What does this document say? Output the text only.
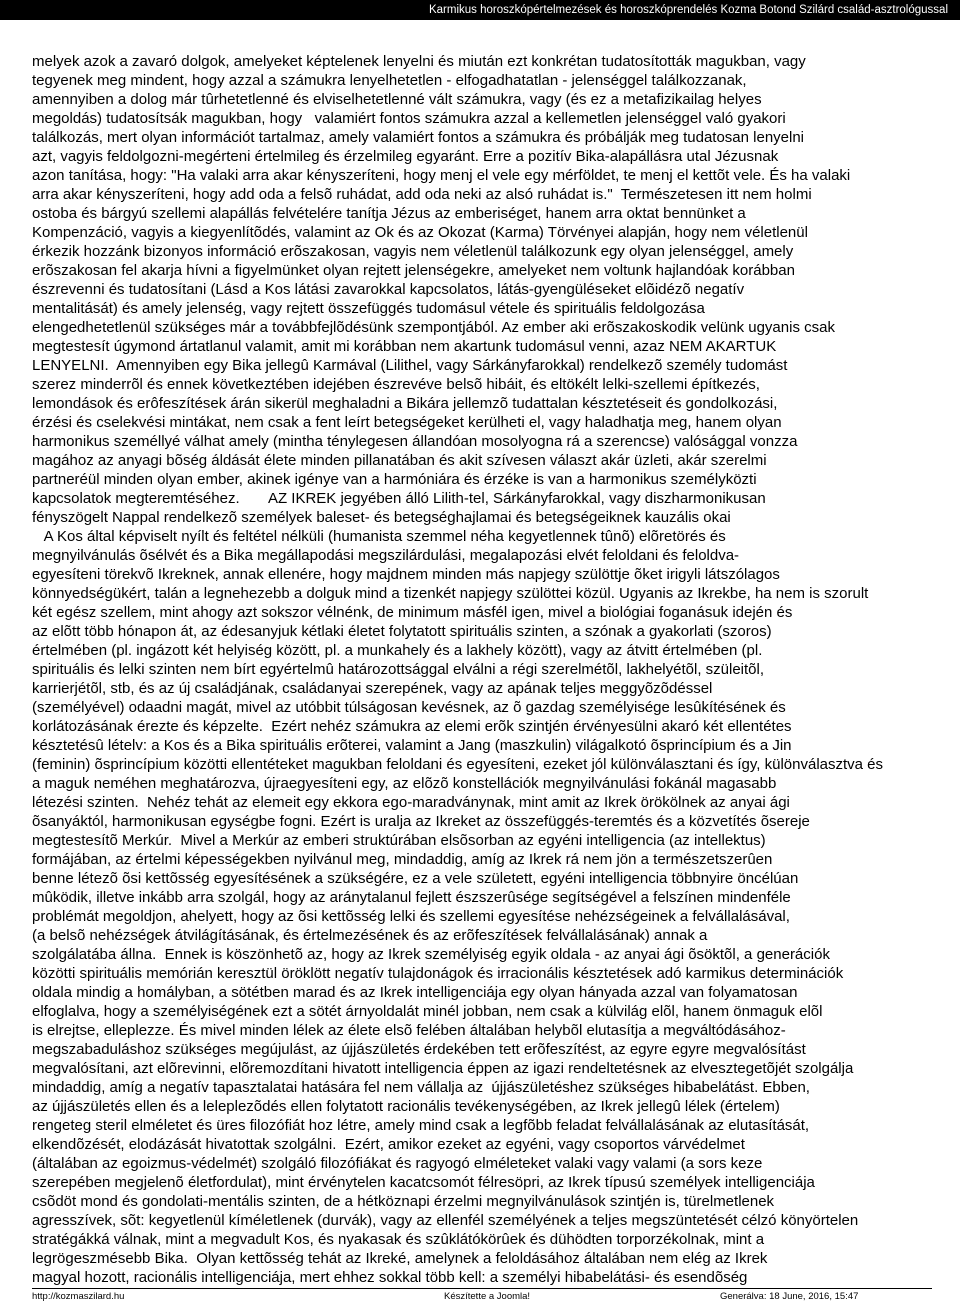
Karmikus horoszkópértelmezések és horoszkóprendelés Kozma Botond Szilárd család-asztrológussal
melyek azok a zavaró dolgok, amelyeket képtelenek lenyelni és miután ezt konkrétan tudatosították magukban, vagy
tegyenek meg mindent, hogy azzal a számukra lenyelhetetlen - elfogadhatatlan - jelenséggel találkozzanak,
amennyiben a dolog már tûrhetetlenné és elviselhetetlenné vált számukra, vagy (és ez a metafizikailag helyes
megoldás) tudatosítsák magukban, hogy   valamiért fontos számukra azzal a kellemetlen jelenséggel való gyakori
találkozás, mert olyan információt tartalmaz, amely valamiért fontos a számukra és próbálják meg tudatosan lenyelni
azt, vagyis feldolgozni-megérteni értelmileg és érzelmileg egyaránt. Erre a pozitív Bika-alapállásra utal Jézusnak
azon tanítása, hogy: "Ha valaki arra akar kényszeríteni, hogy menj el vele egy mérföldet, te menj el kettõt vele. És ha valaki
arra akar kényszeríteni, hogy add oda a felsõ ruhádat, add oda neki az alsó ruhádat is."  Természetesen itt nem holmi
ostoba és bárgyú szellemi alapállás felvételére tanítja Jézus az emberiséget, hanem arra oktat bennünket a
Kompenzáció, vagyis a kiegyenlítõdés, valamint az Ok és az Okozat (Karma) Törvényei alapján, hogy nem véletlenül
érkezik hozzánk bizonyos információ erõszakosan, vagyis nem véletlenül találkozunk egy olyan jelenséggel, amely
erõszakosan fel akarja hívni a figyelmünket olyan rejtett jelenségekre, amelyeket nem voltunk hajlandóak korábban
észrevenni és tudatosítani (Lásd a Kos látási zavarokkal kapcsolatos, látás-gyengüléseket elõidézõ negatív
mentalitását) és amely jelenség, vagy rejtett összefüggés tudomásul vétele és spirituális feldolgozása
elengedhetetlenül szükséges már a továbbfejlõdésünk szempontjából. Az ember aki erõszakoskodik velünk ugyanis csak
megtestesít úgymond ártatlanul valamit, amit mi korábban nem akartunk tudomásul venni, azaz NEM AKARTUK
LENYELNI.  Amennyiben egy Bika jellegû Karmával (Lilithel, vagy Sárkányfarokkal) rendelkezõ személy tudomást
szerez minderrõl és ennek következtében idejében észrevéve belsõ hibáit, és eltökélt lelki-szellemi építkezés,
lemondások és erôfeszítések árán sikerül meghaladni a Bikára jellemzõ tudattalan késztetéseit és gondolkozási,
érzési és cselekvési mintákat, nem csak a fent leírt betegségeket kerülheti el, vagy haladhatja meg, hanem olyan
harmonikus személlyé válhat amely (mintha ténylegesen állandóan mosolyogna rá a szerencse) valósággal vonzza
magához az anyagi bõség áldását élete minden pillanatában és akit szívesen választ akár üzleti, akár szerelmi
partneréül minden olyan ember, akinek igénye van a harmóniára és érzéke is van a harmonikus személyközti
kapcsolatok megteremtéséhez.       AZ IKREK jegyében álló Lilith-tel, Sárkányfarokkal, vagy diszharmonikusan
fényszögelt Nappal rendelkezõ személyek baleset- és betegséghajlamai és betegségeiknek kauzális okai
A Kos által képviselt nyílt és feltétel nélküli (humanista szemmel néha kegyetlennek tûnõ) elõretörés és
megnyilvánulás õsélvét és a Bika megállapodási megszilárdulási, megalapozási elvét feloldani és feloldva-
egyesíteni törekvõ Ikreknek, annak ellenére, hogy majdnem minden más napjegy szülöttje õket irigyli látszólagos
könnyedségükért, talán a legnehezebb a dolguk mind a tizenkét napjegy szülöttei közül. Ugyanis az Ikrekbe, ha nem is szorult
két egész szellem, mint ahogy azt sokszor vélnénk, de minimum másfél igen, mivel a biológiai foganásuk idején és
az elõtt több hónapon át, az édesanyjuk kétlaki életet folytatott spirituális szinten, a szónak a gyakorlati (szoros)
értelmében (pl. ingázott két helyiség között, pl. a munkahely és a lakhely között), vagy az átvitt értelmében (pl.
spirituális és lelki szinten nem bírt egyértelmû határozottsággal elválni a régi szerelmétõl, lakhelyétõl, szüleitõl,
karrierjétõl, stb, és az új családjának, családanyai szerepének, vagy az apának teljes meggyõzõdéssel
(személyével) odaadni magát, mivel az utóbbit túlságosan kevésnek, az õ gazdag személyisége lesûkítésének és
korlátozásának érezte és képzelte.  Ezért nehéz számukra az elemi erõk szintjén érvényesülni akaró két ellentétes
késztetésû lételv: a Kos és a Bika spirituális erõterei, valamint a Jang (maszkulin) világalkotó õsprincípium és a Jin
(feminin) õsprincípium közötti ellentéteket magukban feloldani és egyesíteni, ezeket jól különválasztani és így, különválasztva és
a maguk neméhen meghatározva, újraegyesíteni egy, az elõzõ konstellációk megnyilvánulási fokánál magasabb
létezési szinten.  Nehéz tehát az elemeit egy ekkora ego-maradványnak, mint amit az Ikrek örökölnek az anyai ági
õsanyáktól, harmonikusan egységbe fogni. Ezért is uralja az Ikreket az összefüggés-teremtés és a közvetítés õsereje
megtestesítõ Merkúr.  Mivel a Merkúr az emberi struktúrában elsõsorban az egyéni intelligencia (az intellektus)
formájában, az értelmi képességekben nyilvánul meg, mindaddig, amíg az Ikrek rá nem jön a természetszerûen
benne létezõ õsi kettõsség egyesítésének a szükségére, ez a vele született, egyéni intelligencia többnyire öncélúan
mûködik, illetve inkább arra szolgál, hogy az aránytalanul fejlett észszerûsége segítségével a felszínen mindenféle
problémát megoldjon, ahelyett, hogy az õsi kettõsség lelki és szellemi egyesítése nehézségeinek a felvállalásával,
(a belsõ nehézségek átvilágításának, és értelmezésének és az erõfeszítések felvállalásának) annak a
szolgálatába állna.  Ennek is köszönhetõ az, hogy az Ikrek személyiség egyik oldala - az anyai ági õsöktõl, a generációk
közötti spirituális memórián keresztül öröklött negatív tulajdonágok és irracionális késztetések adó karmikus determinációk
oldala mindig a homályban, a sötétben marad és az Ikrek intelligenciája egy olyan hányada azzal van folyamatosan
elfoglalva, hogy a személyiségének ezt a sötét árnyoldalát minél jobban, nem csak a külvilág elõl, hanem önmaguk elõl
is elrejtse, elleplezze. És mivel minden lélek az élete elsõ felében általában helybõl elutasítja a megváltódásához-
megszabaduláshoz szükséges megújulást, az újjászületés érdekében tett erõfeszítést, az egyre egyre megvalósítást
megvalósítani, azt elõrevinni, elõremozdítani hivatott intelligencia éppen az igazi rendeltetésnek az elvesztegetõjét szolgálja
mindaddig, amíg a negatív tapasztalatai hatására fel nem vállalja az  újjászületéshez szükséges hibabelátást. Ebben,
az újjászületés ellen és a leleplezõdés ellen folytatott racionális tevékenységében, az Ikrek jellegû lélek (értelem)
rengeteg steril elméletet és üres filozófiát hoz létre, amely mind csak a legfõbb feladat felvállalásának az elutasítását,
elkendõzését, elodázását hivatottak szolgálni.  Ezért, amikor ezeket az egyéni, vagy csoportos várvédelmet
(általában az egoizmus-védelmét) szolgáló filozófiákat és ragyogó elméleteket valaki vagy valami (a sors keze
szerepében megjelenõ életfordulat), mint érvénytelen kacatcsomót félresöpri, az Ikrek típusú személyek intelligenciája
csõdöt mond és gondolati-mentális szinten, de a hétköznapi érzelmi megnyilvánulások szintjén is, türelmetlenek
agresszívek, sõt: kegyetlenül kíméletlenek (durvák), vagy az ellenfél személyének a teljes megszüntetését célzó könyörtelen
stratégákká válnak, mint a megvadult Kos, és nyakasak és szûklátókörûek és dühödten torporzékolnak, mint a
legrögeszmésebb Bika.  Olyan kettõsség tehát az Ikreké, amelynek a feloldásához általában nem elég az Ikrek
magyal hozott, racionális intelligenciája, mert ehhez sokkal több kell: a személyi hibabelátási- és esendõség
http://kozmaszilard.hu	Készítette a Joomla!	Generálva: 18 June, 2016, 15:47
